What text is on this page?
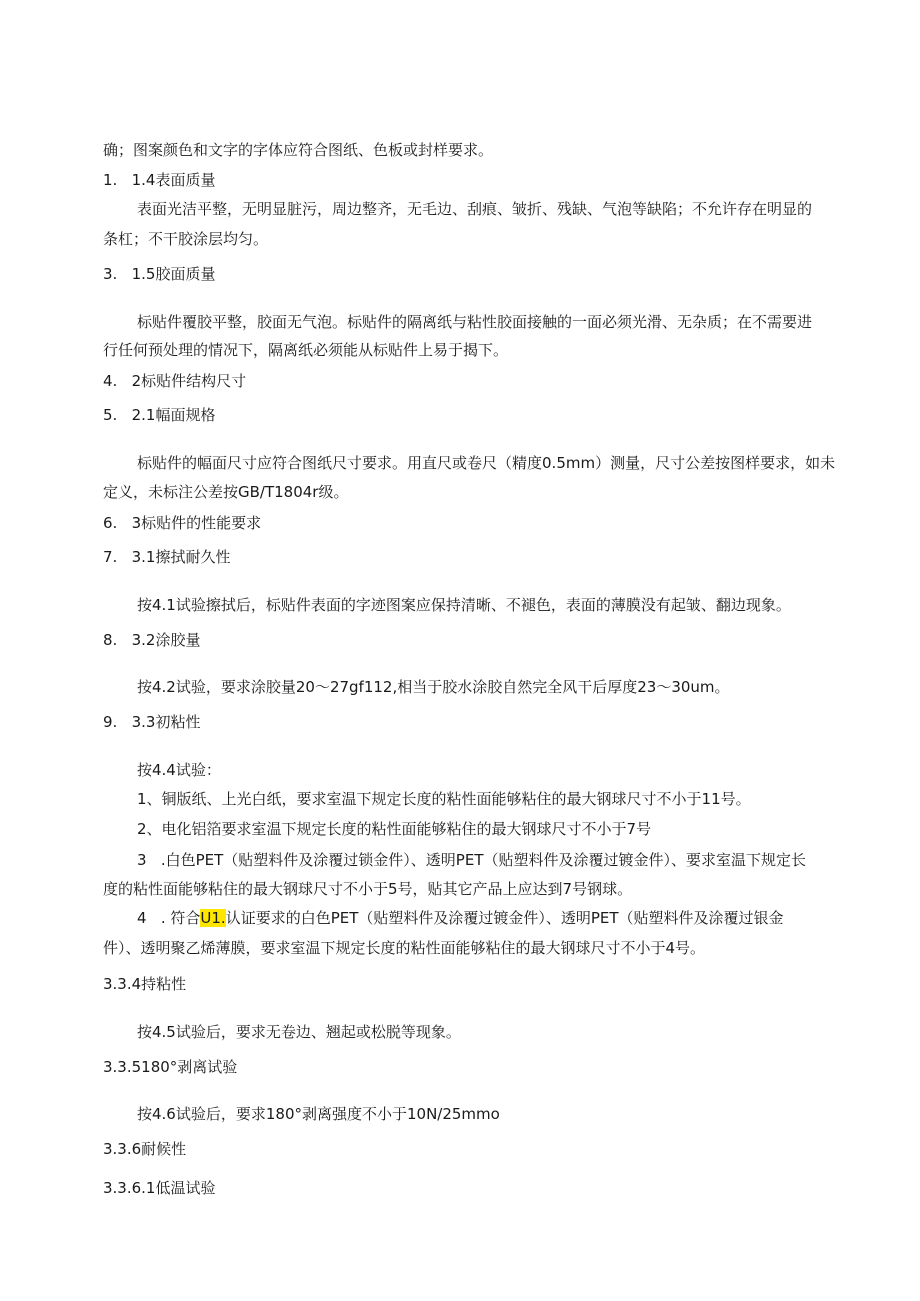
确；图案颜色和文字的字体应符合图纸、色板或封样要求。
1.   1.4表面质量
表面光洁平整，无明显脏污，周边整齐，无毛边、刮痕、皱折、残缺、气泡等缺陷；不允许存在明显的
条杠；不干胶涂层均匀。
3.   1.5胶面质量
标贴件覆胶平整，胶面无气泡。标贴件的隔离纸与粘性胶面接触的一面必须光滑、无杂质；在不需要进
行任何预处理的情况下，隔离纸必须能从标贴件上易于揭下。
4.   2标贴件结构尺寸
5.   2.1幅面规格
标贴件的幅面尺寸应符合图纸尺寸要求。用直尺或卷尺（精度0.5mm）测量，尺寸公差按图样要求，如未
定义，未标注公差按GB/T1804r级。
6.   3标贴件的性能要求
7.   3.1擦拭耐久性
按4.1试验擦拭后，标贴件表面的字迹图案应保持清晰、不褪色，表面的薄膜没有起皱、翻边现象。
8.   3.2涂胶量
按4.2试验，要求涂胶量20～27gf112,相当于胶水涂胶自然完全风干后厚度23～30um。
9.   3.3初粘性
按4.4试验：
1、铜版纸、上光白纸，要求室温下规定长度的粘性面能够粘住的最大钢球尺寸不小于11号。
2、电化铝箔要求室温下规定长度的粘性面能够粘住的最大钢球尺寸不小于7号
3   .白色PET（贴塑料件及涂覆过锁金件）、透明PET（贴塑料件及涂覆过镀金件）、要求室温下规定长
度的粘性面能够粘住的最大钢球尺寸不小于5号，贴其它产品上应达到7号钢球。
4   . 符合U1.认证要求的白色PET（贴塑料件及涂覆过镀金件）、透明PET（贴塑料件及涂覆过银金
件）、透明聚乙烯薄膜，要求室温下规定长度的粘性面能够粘住的最大钢球尺寸不小于4号。
3.3.4持粘性
按4.5试验后，要求无卷边、翘起或松脱等现象。
3.3.5180°剥离试验
按4.6试验后，要求180°剥离强度不小于10N/25mmo
3.3.6耐候性
3.3.6.1低温试验
